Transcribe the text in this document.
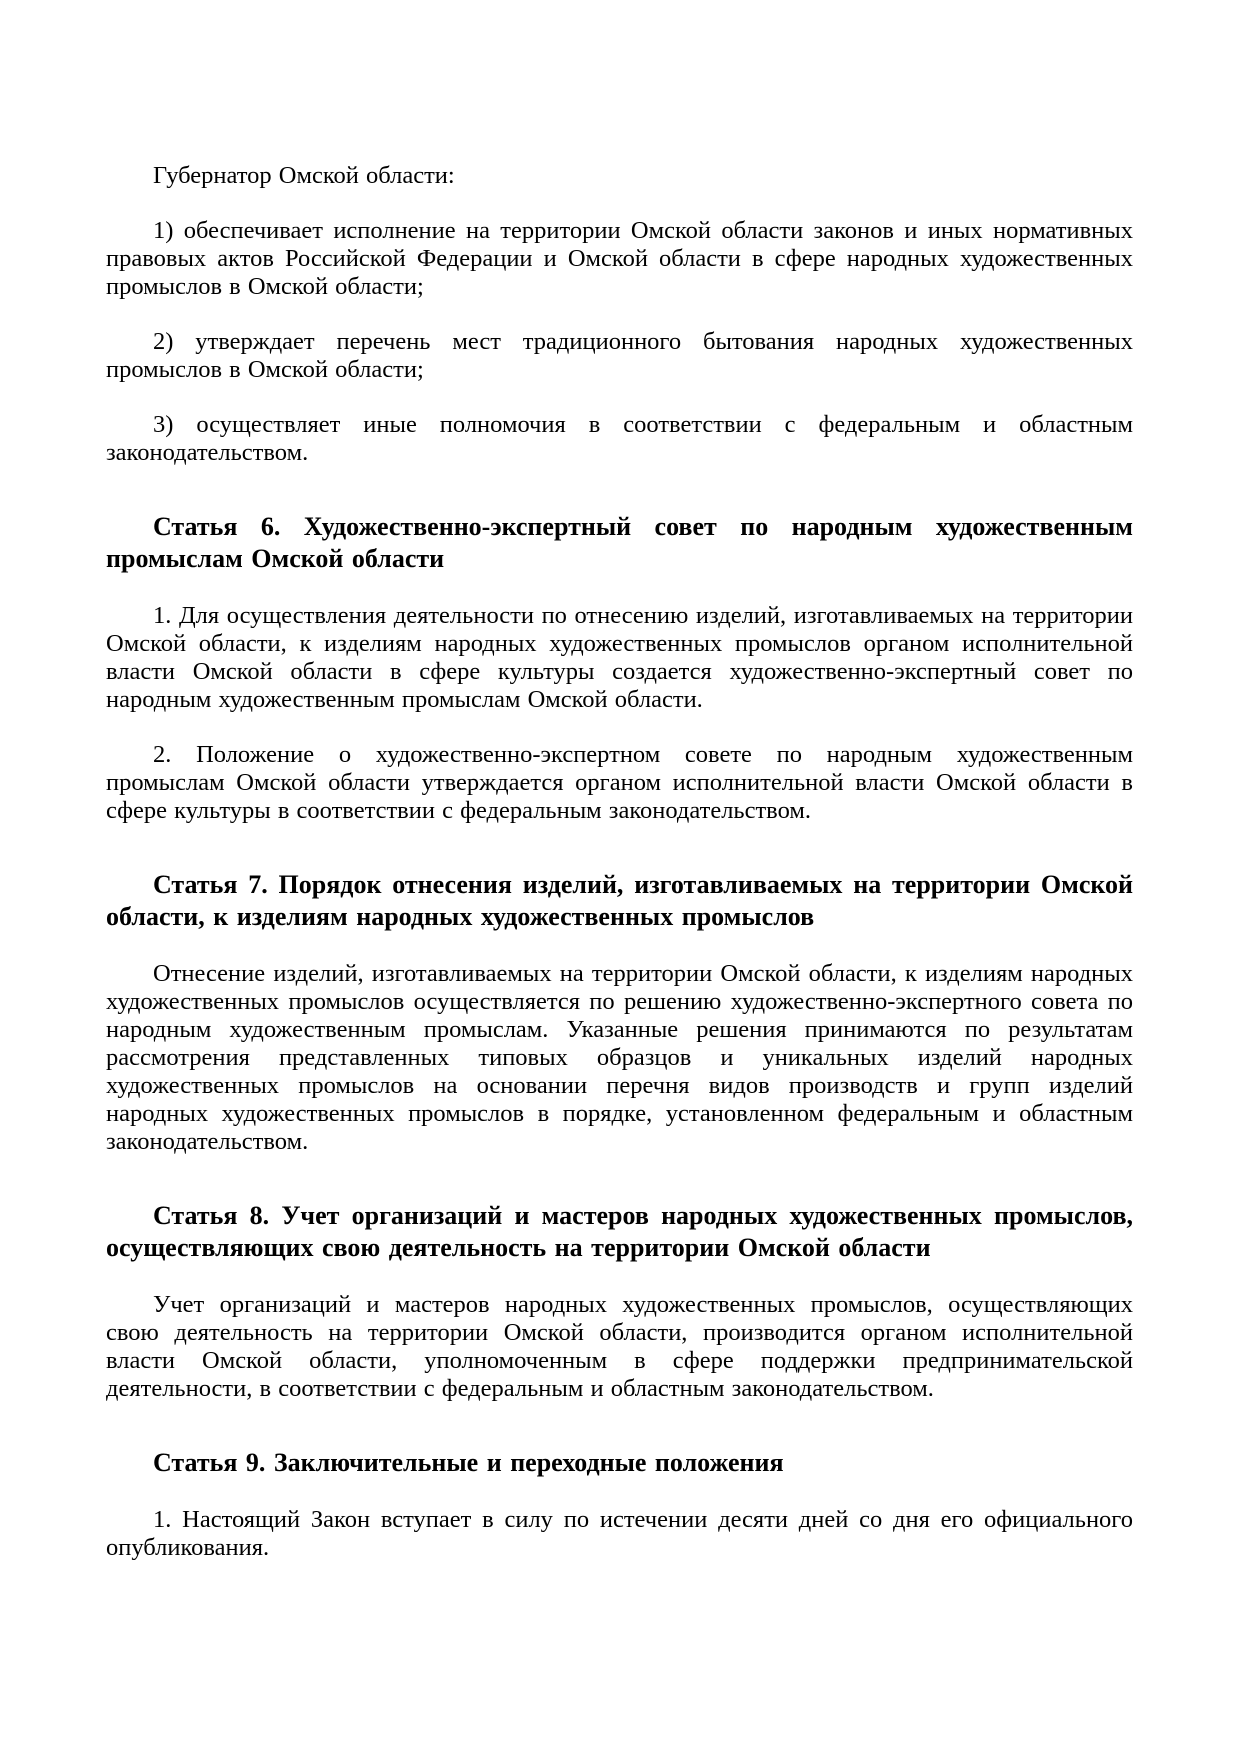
Губернатор Омской области:

1) обеспечивает исполнение на территории Омской области законов и иных нормативных правовых актов Российской Федерации и Омской области в сфере народных художественных промыслов в Омской области;

2) утверждает перечень мест традиционного бытования народных художественных промыслов в Омской области;

3) осуществляет иные полномочия в соответствии с федеральным и областным законодательством.

Статья 6. Художественно-экспертный совет по народным художественным промыслам Омской области

1. Для осуществления деятельности по отнесению изделий, изготавливаемых на территории Омской области, к изделиям народных художественных промыслов органом исполнительной власти Омской области в сфере культуры создается художественно-экспертный совет по народным художественным промыслам Омской области.

2. Положение о художественно-экспертном совете по народным художественным промыслам Омской области утверждается органом исполнительной власти Омской области в сфере культуры в соответствии с федеральным законодательством.

Статья 7. Порядок отнесения изделий, изготавливаемых на территории Омской области, к изделиям народных художественных промыслов

Отнесение изделий, изготавливаемых на территории Омской области, к изделиям народных художественных промыслов осуществляется по решению художественно-экспертного совета по народным художественным промыслам. Указанные решения принимаются по результатам рассмотрения представленных типовых образцов и уникальных изделий народных художественных промыслов на основании перечня видов производств и групп изделий народных художественных промыслов в порядке, установленном федеральным и областным законодательством.

Статья 8. Учет организаций и мастеров народных художественных промыслов, осуществляющих свою деятельность на территории Омской области

Учет организаций и мастеров народных художественных промыслов, осуществляющих свою деятельность на территории Омской области, производится органом исполнительной власти Омской области, уполномоченным в сфере поддержки предпринимательской деятельности, в соответствии с федеральным и областным законодательством.

Статья 9. Заключительные и переходные положения

1. Настоящий Закон вступает в силу по истечении десяти дней со дня его официального опубликования.
